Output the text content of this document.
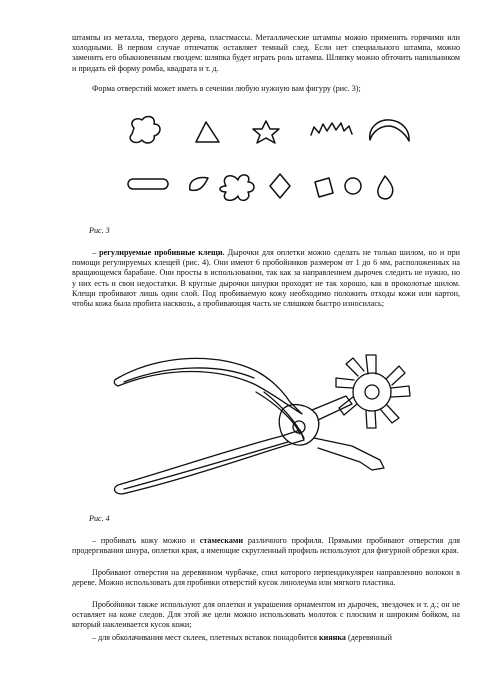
штампы из металла, твердого дерева, пластмассы. Металлические штампы можно применять горячими или холодными. В первом случае отпечаток оставляет темный след. Если нет специального штампа, можно заменить его обыкновенным гвоздем: шляпка будет играть роль штампа. Шляпку можно обточить напильником и придать ей форму ромба, квадрата и т. д.

Форма отверстий может иметь в сечении любую нужную вам фигуру (рис. 3);

Рис. 3

– регулируемые пробивные клещи. Дырочки для оплетки можно сделать не только шилом, но и при помощи регулируемых клещей (рис. 4). Они имеют 6 пробойников размером от 1 до 6 мм, расположенных на вращающемся барабане. Они просты в использовании, так как за направлением дырочек следить не нужно, но у них есть и свои недостатки. В круглые дырочки шнурки проходят не так хорошо, как в проколотые шилом. Клещи пробивают лишь один слой. Под пробиваемую кожу необходимо положить отходы кожи или картон, чтобы кожа была пробита насквозь, а пробивающая часть не слишком быстро износилась;

Рис. 4

– пробивать кожу можно и стамесками различного профиля. Прямыми пробивают отверстия для продергивания шнура, оплетки края, а имеющие скругленный профиль используют для фигурной обрезки края.

Пробивают отверстия на деревянном чурбачке, спил которого перпендикулярен направлению волокон в дереве. Можно использовать для пробивки отверстий кусок линолеума или мягкого пластика.

Пробойники также используют для оплетки и украшения орнаментом из дырочек, звездочек и т. д.; он не оставляет на коже следов. Для этой же цели можно использовать молоток с плоским и широким бойком, на который наклеивается кусок кожи;

– для обколачивания мест склеек, плетеных вставок понадобится киянка (деревянный
